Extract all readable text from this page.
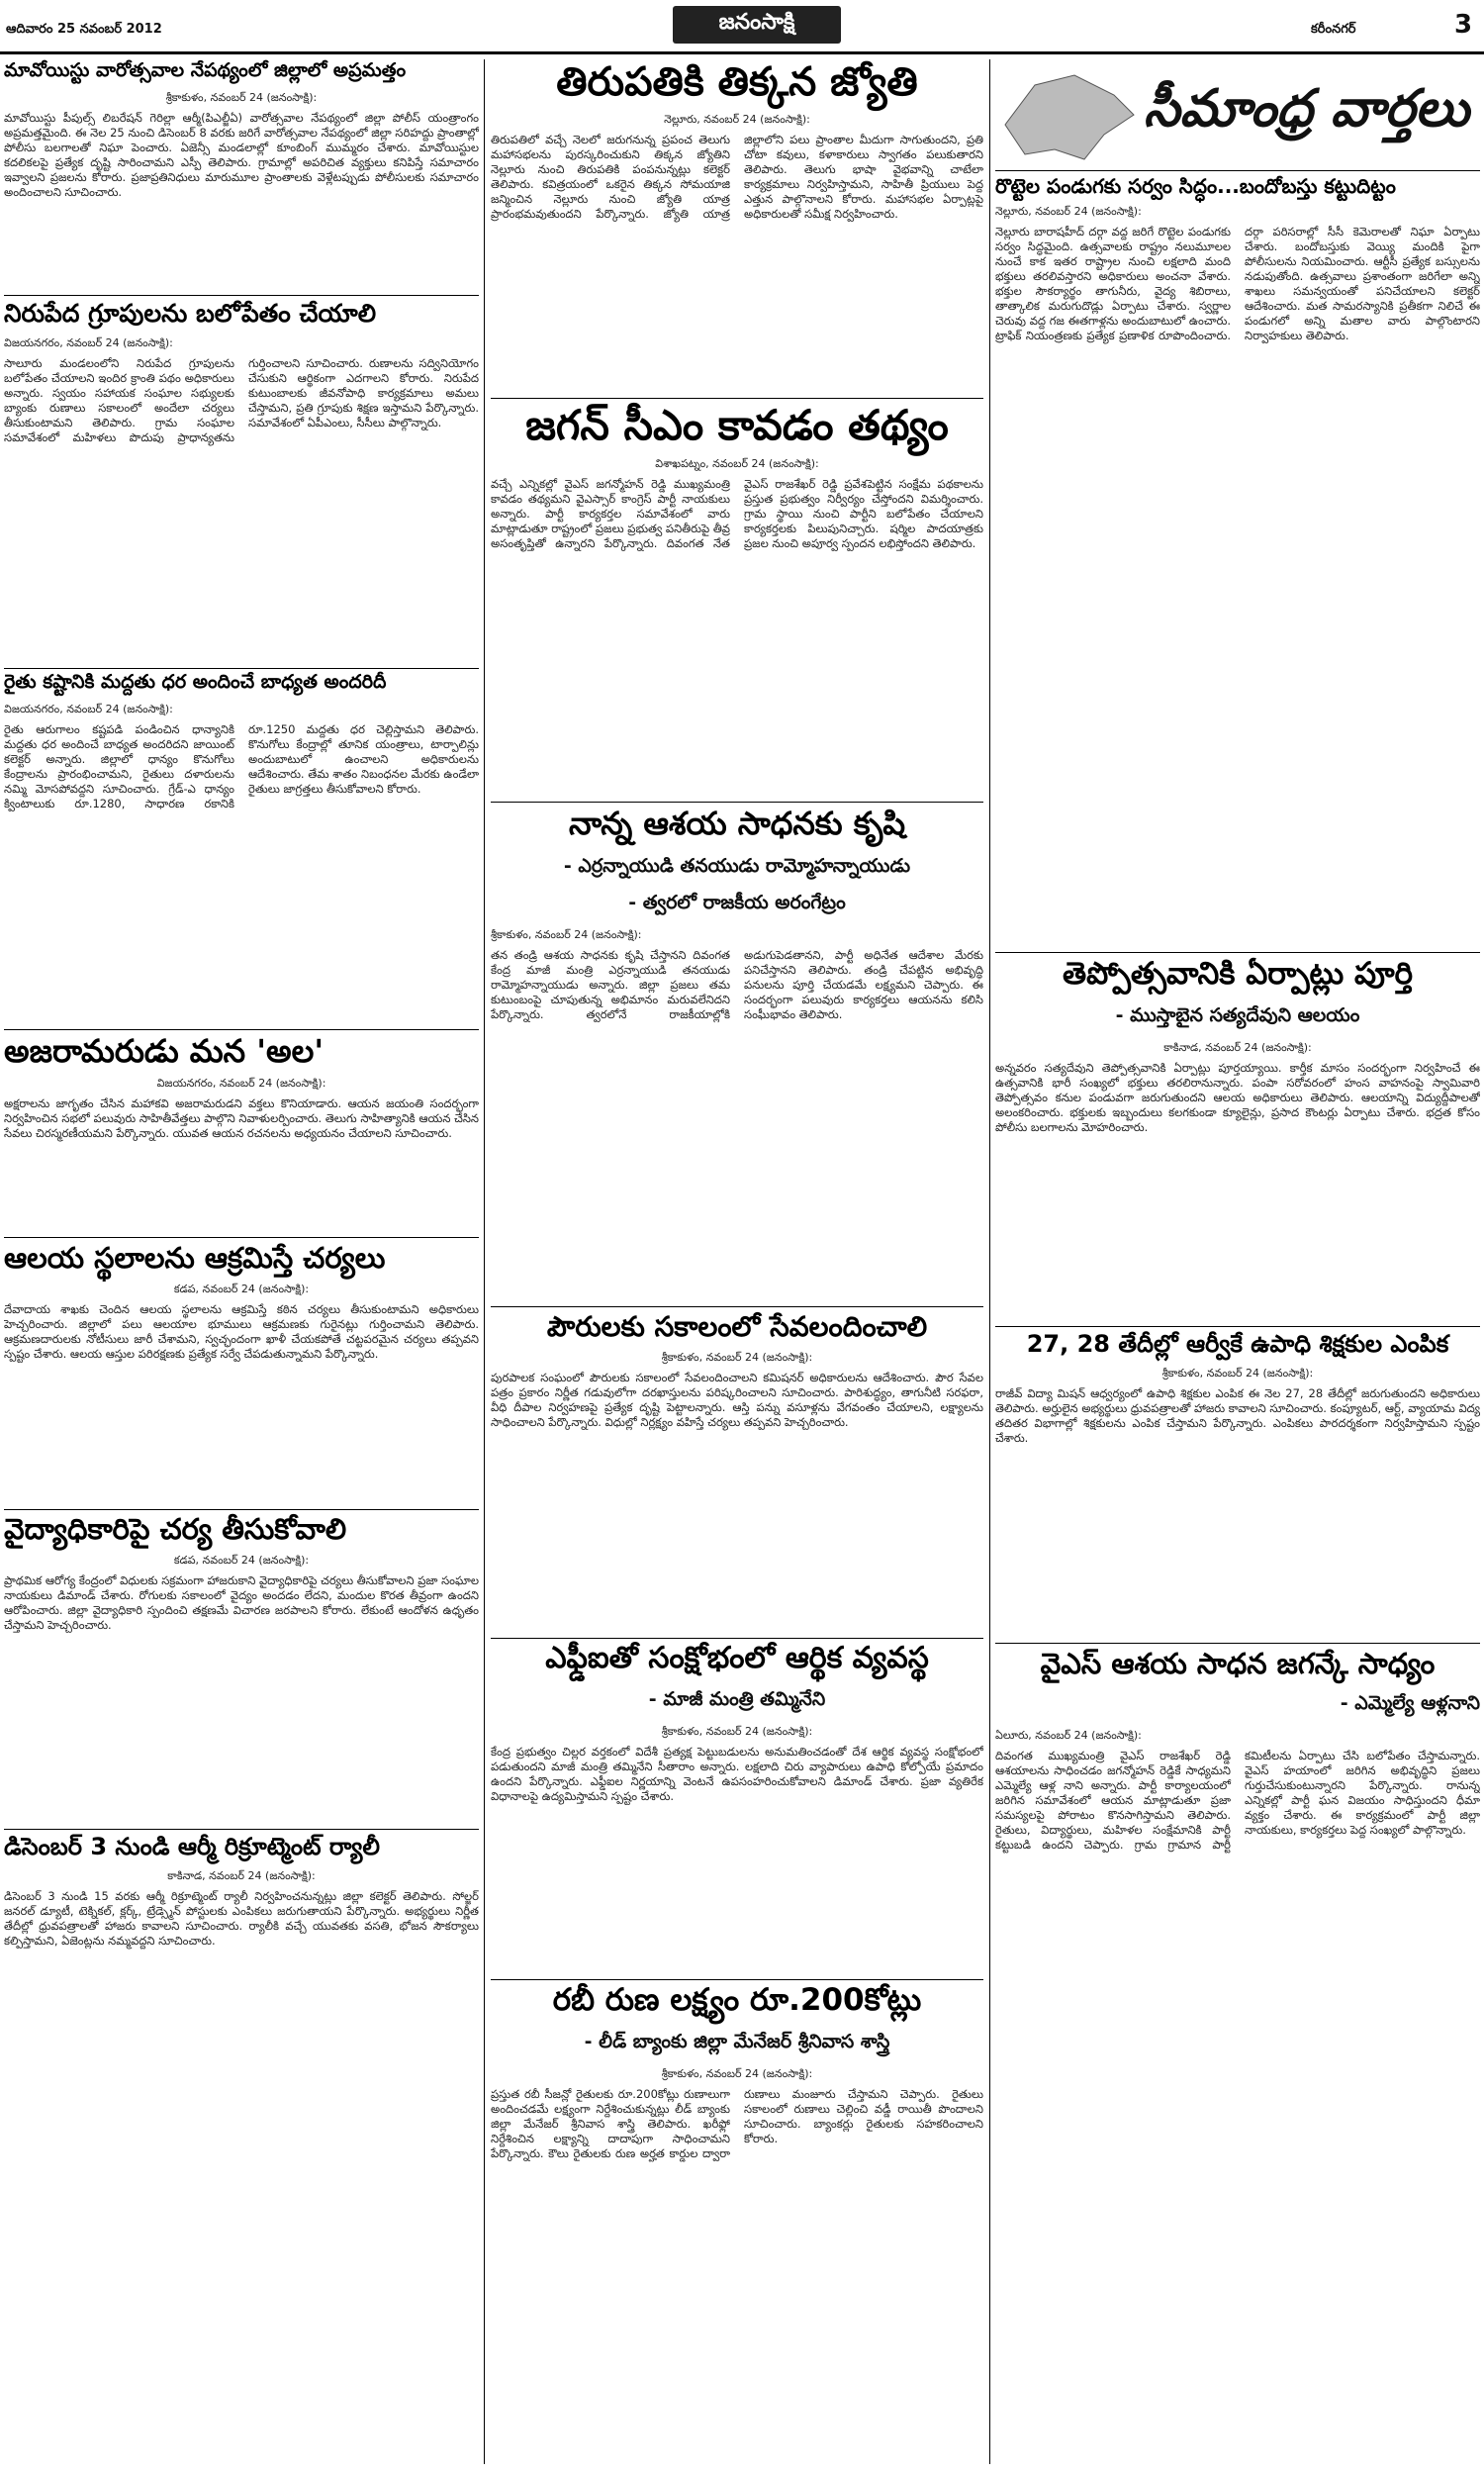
ఆదివారం 25 నవంబర్ 2012	జనంసాక్షి	కరీంనగర్	3
మావోయిస్టు వారోత్సవాల నేపథ్యంలో జిల్లాలో అప్రమత్తం
శ్రీకాకుళం, నవంబర్ 24 (జనంసాక్షి):
మావోయిస్టు పీపుల్స్ లిబరేషన్ గెరిల్లా ఆర్మీ(పిఎల్జీఏ) వారోత్సవాల నేపథ్యంలో జిల్లా పోలీస్ యంత్రాంగం అప్రమత్తమైంది. ఈ నెల 25 నుంచి డిసెంబర్ 8 వరకు జరిగే వారోత్సవాల నేపథ్యంలో జిల్లా సరిహద్దు ప్రాంతాల్లో పోలీసు బలగాలతో నిఘా పెంచారు. ఏజెన్సీ మండలాల్లో కూంబింగ్ ముమ్మరం చేశారు. మావోయిస్టుల కదలికలపై ప్రత్యేక దృష్టి సారించామని ఎస్పీ తెలిపారు. గ్రామాల్లో అపరిచిత వ్యక్తులు కనిపిస్తే సమాచారం ఇవ్వాలని ప్రజలను కోరారు. ప్రజాప్రతినిధులు మారుమూల ప్రాంతాలకు వెళ్లేటప్పుడు పోలీసులకు సమాచారం అందించాలని సూచించారు.
నిరుపేద గ్రూపులను బలోపేతం చేయాలి
విజయనగరం, నవంబర్ 24 (జనంసాక్షి):
సాలూరు మండలంలోని నిరుపేద గ్రూపులను బలోపేతం చేయాలని ఇందిర క్రాంతి పథం అధికారులు అన్నారు. స్వయం సహాయక సంఘాల సభ్యులకు బ్యాంకు రుణాలు సకాలంలో అందేలా చర్యలు తీసుకుంటామని తెలిపారు. గ్రామ సంఘాల సమావేశంలో మహిళలు పొదుపు ప్రాధాన్యతను గుర్తించాలని సూచించారు. రుణాలను సద్వినియోగం చేసుకుని ఆర్థికంగా ఎదగాలని కోరారు. నిరుపేద కుటుంబాలకు జీవనోపాధి కార్యక్రమాలు అమలు చేస్తామని, ప్రతి గ్రూపుకు శిక్షణ ఇస్తామని పేర్కొన్నారు. సమావేశంలో ఏపీఎంలు, సీసీలు పాల్గొన్నారు.
రైతు కష్టానికి మద్దతు ధర అందించే బాధ్యత అందరిదీ
విజయనగరం, నవంబర్ 24 (జనంసాక్షి):
రైతు ఆరుగాలం కష్టపడి పండించిన ధాన్యానికి మద్దతు ధర అందించే బాధ్యత అందరిదని జాయింట్ కలెక్టర్ అన్నారు. జిల్లాలో ధాన్యం కొనుగోలు కేంద్రాలను ప్రారంభించామని, రైతులు దళారులను నమ్మి మోసపోవద్దని సూచించారు. గ్రేడ్-ఎ ధాన్యం క్వింటాలుకు రూ.1280, సాధారణ రకానికి రూ.1250 మద్దతు ధర చెల్లిస్తామని తెలిపారు. కొనుగోలు కేంద్రాల్లో తూనిక యంత్రాలు, టార్పాలిన్లు అందుబాటులో ఉంచాలని అధికారులను ఆదేశించారు. తేమ శాతం నిబంధనల మేరకు ఉండేలా రైతులు జాగ్రత్తలు తీసుకోవాలని కోరారు.
అజరామరుడు మన 'అల'
విజయనగరం, నవంబర్ 24 (జనంసాక్షి):
అక్షరాలను జాగృతం చేసిన మహాకవి అజరామరుడని వక్తలు కొనియాడారు. ఆయన జయంతి సందర్భంగా నిర్వహించిన సభలో పలువురు సాహితీవేత్తలు పాల్గొని నివాళులర్పించారు. తెలుగు సాహిత్యానికి ఆయన చేసిన సేవలు చిరస్మరణీయమని పేర్కొన్నారు. యువత ఆయన రచనలను అధ్యయనం చేయాలని సూచించారు.
ఆలయ స్థలాలను ఆక్రమిస్తే చర్యలు
కడప, నవంబర్ 24 (జనంసాక్షి):
దేవాదాయ శాఖకు చెందిన ఆలయ స్థలాలను ఆక్రమిస్తే కఠిన చర్యలు తీసుకుంటామని అధికారులు హెచ్చరించారు. జిల్లాలో పలు ఆలయాల భూములు ఆక్రమణకు గురైనట్లు గుర్తించామని తెలిపారు. ఆక్రమణదారులకు నోటీసులు జారీ చేశామని, స్వచ్ఛందంగా ఖాళీ చేయకపోతే చట్టపరమైన చర్యలు తప్పవని స్పష్టం చేశారు. ఆలయ ఆస్తుల పరిరక్షణకు ప్రత్యేక సర్వే చేపడుతున్నామని పేర్కొన్నారు.
వైద్యాధికారిపై చర్య తీసుకోవాలి
కడప, నవంబర్ 24 (జనంసాక్షి):
ప్రాథమిక ఆరోగ్య కేంద్రంలో విధులకు సక్రమంగా హాజరుకాని వైద్యాధికారిపై చర్యలు తీసుకోవాలని ప్రజా సంఘాల నాయకులు డిమాండ్ చేశారు. రోగులకు సకాలంలో వైద్యం అందడం లేదని, మందుల కొరత తీవ్రంగా ఉందని ఆరోపించారు. జిల్లా వైద్యాధికారి స్పందించి తక్షణమే విచారణ జరపాలని కోరారు. లేకుంటే ఆందోళన ఉధృతం చేస్తామని హెచ్చరించారు.
డిసెంబర్ 3 నుండి ఆర్మీ రిక్రూట్మెంట్ ర్యాలీ
కాకినాడ, నవంబర్ 24 (జనంసాక్షి):
డిసెంబర్ 3 నుండి 15 వరకు ఆర్మీ రిక్రూట్మెంట్ ర్యాలీ నిర్వహించనున్నట్లు జిల్లా కలెక్టర్ తెలిపారు. సోల్జర్ జనరల్ డ్యూటీ, టెక్నికల్, క్లర్క్, ట్రేడ్స్మెన్ పోస్టులకు ఎంపికలు జరుగుతాయని పేర్కొన్నారు. అభ్యర్థులు నిర్ణీత తేదీల్లో ధ్రువపత్రాలతో హాజరు కావాలని సూచించారు. ర్యాలీకి వచ్చే యువతకు వసతి, భోజన సౌకర్యాలు కల్పిస్తామని, ఏజెంట్లను నమ్మవద్దని సూచించారు.
తిరుపతికి తిక్కన జ్యోతి
నెల్లూరు, నవంబర్ 24 (జనంసాక్షి):
తిరుపతిలో వచ్చే నెలలో జరుగనున్న ప్రపంచ తెలుగు మహాసభలను పురస్కరించుకుని తిక్కన జ్యోతిని నెల్లూరు నుంచి తిరుపతికి పంపనున్నట్లు కలెక్టర్ తెలిపారు. కవిత్రయంలో ఒకరైన తిక్కన సోమయాజి జన్మించిన నెల్లూరు నుంచి జ్యోతి యాత్ర ప్రారంభమవుతుందని పేర్కొన్నారు. జ్యోతి యాత్ర జిల్లాలోని పలు ప్రాంతాల మీదుగా సాగుతుందని, ప్రతి చోటా కవులు, కళాకారులు స్వాగతం పలుకుతారని తెలిపారు. తెలుగు భాషా వైభవాన్ని చాటేలా కార్యక్రమాలు నిర్వహిస్తామని, సాహితీ ప్రియులు పెద్ద ఎత్తున పాల్గొనాలని కోరారు. మహాసభల ఏర్పాట్లపై అధికారులతో సమీక్ష నిర్వహించారు.
జగన్ సీఎం కావడం తథ్యం
విశాఖపట్నం, నవంబర్ 24 (జనంసాక్షి):
వచ్చే ఎన్నికల్లో వైఎస్ జగన్మోహన్ రెడ్డి ముఖ్యమంత్రి కావడం తథ్యమని వైఎస్సార్ కాంగ్రెస్ పార్టీ నాయకులు అన్నారు. పార్టీ కార్యకర్తల సమావేశంలో వారు మాట్లాడుతూ రాష్ట్రంలో ప్రజలు ప్రభుత్వ పనితీరుపై తీవ్ర అసంతృప్తితో ఉన్నారని పేర్కొన్నారు. దివంగత నేత వైఎస్ రాజశేఖర్ రెడ్డి ప్రవేశపెట్టిన సంక్షేమ పథకాలను ప్రస్తుత ప్రభుత్వం నిర్వీర్యం చేస్తోందని విమర్శించారు. గ్రామ స్థాయి నుంచి పార్టీని బలోపేతం చేయాలని కార్యకర్తలకు పిలుపునిచ్చారు. షర్మిల పాదయాత్రకు ప్రజల నుంచి అపూర్వ స్పందన లభిస్తోందని తెలిపారు.
నాన్న ఆశయ సాధనకు కృషి
- ఎర్రన్నాయుడి తనయుడు రామ్మోహన్నాయుడు
- త్వరలో రాజకీయ అరంగేట్రం
శ్రీకాకుళం, నవంబర్ 24 (జనంసాక్షి):
తన తండ్రి ఆశయ సాధనకు కృషి చేస్తానని దివంగత కేంద్ర మాజీ మంత్రి ఎర్రన్నాయుడి తనయుడు రామ్మోహన్నాయుడు అన్నారు. జిల్లా ప్రజలు తమ కుటుంబంపై చూపుతున్న అభిమానం మరువలేనిదని పేర్కొన్నారు. త్వరలోనే రాజకీయాల్లోకి అడుగుపెడతానని, పార్టీ అధినేత ఆదేశాల మేరకు పనిచేస్తానని తెలిపారు. తండ్రి చేపట్టిన అభివృద్ధి పనులను పూర్తి చేయడమే లక్ష్యమని చెప్పారు. ఈ సందర్భంగా పలువురు కార్యకర్తలు ఆయనను కలిసి సంఘీభావం తెలిపారు.
పౌరులకు సకాలంలో సేవలందించాలి
శ్రీకాకుళం, నవంబర్ 24 (జనంసాక్షి):
పురపాలక సంఘంలో పౌరులకు సకాలంలో సేవలందించాలని కమిషనర్ అధికారులను ఆదేశించారు. పౌర సేవల పత్రం ప్రకారం నిర్ణీత గడువులోగా దరఖాస్తులను పరిష్కరించాలని సూచించారు. పారిశుద్ధ్యం, తాగునీటి సరఫరా, వీధి దీపాల నిర్వహణపై ప్రత్యేక దృష్టి పెట్టాలన్నారు. ఆస్తి పన్ను వసూళ్లను వేగవంతం చేయాలని, లక్ష్యాలను సాధించాలని పేర్కొన్నారు. విధుల్లో నిర్లక్ష్యం వహిస్తే చర్యలు తప్పవని హెచ్చరించారు.
ఎఫ్డీఐతో సంక్షోభంలో ఆర్థిక వ్యవస్థ
- మాజీ మంత్రి తమ్మినేని
శ్రీకాకుళం, నవంబర్ 24 (జనంసాక్షి):
కేంద్ర ప్రభుత్వం చిల్లర వర్తకంలో విదేశీ ప్రత్యక్ష పెట్టుబడులను అనుమతించడంతో దేశ ఆర్థిక వ్యవస్థ సంక్షోభంలో పడుతుందని మాజీ మంత్రి తమ్మినేని సీతారాం అన్నారు. లక్షలాది చిరు వ్యాపారులు ఉపాధి కోల్పోయే ప్రమాదం ఉందని పేర్కొన్నారు. ఎఫ్డీఐల నిర్ణయాన్ని వెంటనే ఉపసంహరించుకోవాలని డిమాండ్ చేశారు. ప్రజా వ్యతిరేక విధానాలపై ఉద్యమిస్తామని స్పష్టం చేశారు.
రబీ రుణ లక్ష్యం రూ.200కోట్లు
- లీడ్ బ్యాంకు జిల్లా మేనేజర్ శ్రీనివాస శాస్త్రి
శ్రీకాకుళం, నవంబర్ 24 (జనంసాక్షి):
ప్రస్తుత రబీ సీజన్లో రైతులకు రూ.200కోట్లు రుణాలుగా అందించడమే లక్ష్యంగా నిర్దేశించుకున్నట్లు లీడ్ బ్యాంకు జిల్లా మేనేజర్ శ్రీనివాస శాస్త్రి తెలిపారు. ఖరీఫ్లో నిర్దేశించిన లక్ష్యాన్ని దాదాపుగా సాధించామని పేర్కొన్నారు. కౌలు రైతులకు రుణ అర్హత కార్డుల ద్వారా రుణాలు మంజూరు చేస్తామని చెప్పారు. రైతులు సకాలంలో రుణాలు చెల్లించి వడ్డీ రాయితీ పొందాలని సూచించారు. బ్యాంకర్లు రైతులకు సహకరించాలని కోరారు.
సీమాంధ్ర వార్తలు
రొట్టెల పండుగకు సర్వం సిద్ధం...బందోబస్తు కట్టుదిట్టం
నెల్లూరు, నవంబర్ 24 (జనంసాక్షి):
నెల్లూరు బారాషహీద్ దర్గా వద్ద జరిగే రొట్టెల పండుగకు సర్వం సిద్ధమైంది. ఉత్సవాలకు రాష్ట్రం నలుమూలల నుంచే కాక ఇతర రాష్ట్రాల నుంచి లక్షలాది మంది భక్తులు తరలివస్తారని అధికారులు అంచనా వేశారు. భక్తుల సౌకర్యార్థం తాగునీరు, వైద్య శిబిరాలు, తాత్కాలిక మరుగుదొడ్లు ఏర్పాటు చేశారు. స్వర్ణాల చెరువు వద్ద గజ ఈతగాళ్లను అందుబాటులో ఉంచారు. ట్రాఫిక్ నియంత్రణకు ప్రత్యేక ప్రణాళిక రూపొందించారు. దర్గా పరిసరాల్లో సీసీ కెమెరాలతో నిఘా ఏర్పాటు చేశారు. బందోబస్తుకు వెయ్యి మందికి పైగా పోలీసులను నియమించారు. ఆర్టీసీ ప్రత్యేక బస్సులను నడుపుతోంది. ఉత్సవాలు ప్రశాంతంగా జరిగేలా అన్ని శాఖలు సమన్వయంతో పనిచేయాలని కలెక్టర్ ఆదేశించారు. మత సామరస్యానికి ప్రతీకగా నిలిచే ఈ పండుగలో అన్ని మతాల వారు పాల్గొంటారని నిర్వాహకులు తెలిపారు.
తెప్పోత్సవానికి ఏర్పాట్లు పూర్తి
- ముస్తాబైన సత్యదేవుని ఆలయం
కాకినాడ, నవంబర్ 24 (జనంసాక్షి):
అన్నవరం సత్యదేవుని తెప్పోత్సవానికి ఏర్పాట్లు పూర్తయ్యాయి. కార్తీక మాసం సందర్భంగా నిర్వహించే ఈ ఉత్సవానికి భారీ సంఖ్యలో భక్తులు తరలిరానున్నారు. పంపా సరోవరంలో హంస వాహనంపై స్వామివారి తెప్పోత్సవం కనుల పండువగా జరుగుతుందని ఆలయ అధికారులు తెలిపారు. ఆలయాన్ని విద్యుద్దీపాలతో అలంకరించారు. భక్తులకు ఇబ్బందులు కలగకుండా క్యూలైన్లు, ప్రసాద కౌంటర్లు ఏర్పాటు చేశారు. భద్రత కోసం పోలీసు బలగాలను మోహరించారు.
27, 28 తేదీల్లో ఆర్వీకే ఉపాధి శిక్షకుల ఎంపిక
శ్రీకాకుళం, నవంబర్ 24 (జనంసాక్షి):
రాజీవ్ విద్యా మిషన్ ఆధ్వర్యంలో ఉపాధి శిక్షకుల ఎంపిక ఈ నెల 27, 28 తేదీల్లో జరుగుతుందని అధికారులు తెలిపారు. అర్హులైన అభ్యర్థులు ధ్రువపత్రాలతో హాజరు కావాలని సూచించారు. కంప్యూటర్, ఆర్ట్, వ్యాయామ విద్య తదితర విభాగాల్లో శిక్షకులను ఎంపిక చేస్తామని పేర్కొన్నారు. ఎంపికలు పారదర్శకంగా నిర్వహిస్తామని స్పష్టం చేశారు.
వైఎస్ ఆశయ సాధన జగన్కే సాధ్యం
- ఎమ్మెల్యే ఆళ్లనాని
ఏలూరు, నవంబర్ 24 (జనంసాక్షి):
దివంగత ముఖ్యమంత్రి వైఎస్ రాజశేఖర్ రెడ్డి ఆశయాలను సాధించడం జగన్మోహన్ రెడ్డికే సాధ్యమని ఎమ్మెల్యే ఆళ్ల నాని అన్నారు. పార్టీ కార్యాలయంలో జరిగిన సమావేశంలో ఆయన మాట్లాడుతూ ప్రజా సమస్యలపై పోరాటం కొనసాగిస్తామని తెలిపారు. రైతులు, విద్యార్థులు, మహిళల సంక్షేమానికి పార్టీ కట్టుబడి ఉందని చెప్పారు. గ్రామ గ్రామాన పార్టీ కమిటీలను ఏర్పాటు చేసి బలోపేతం చేస్తామన్నారు. వైఎస్ హయాంలో జరిగిన అభివృద్ధిని ప్రజలు గుర్తుచేసుకుంటున్నారని పేర్కొన్నారు. రానున్న ఎన్నికల్లో పార్టీ ఘన విజయం సాధిస్తుందని ధీమా వ్యక్తం చేశారు. ఈ కార్యక్రమంలో పార్టీ జిల్లా నాయకులు, కార్యకర్తలు పెద్ద సంఖ్యలో పాల్గొన్నారు.
